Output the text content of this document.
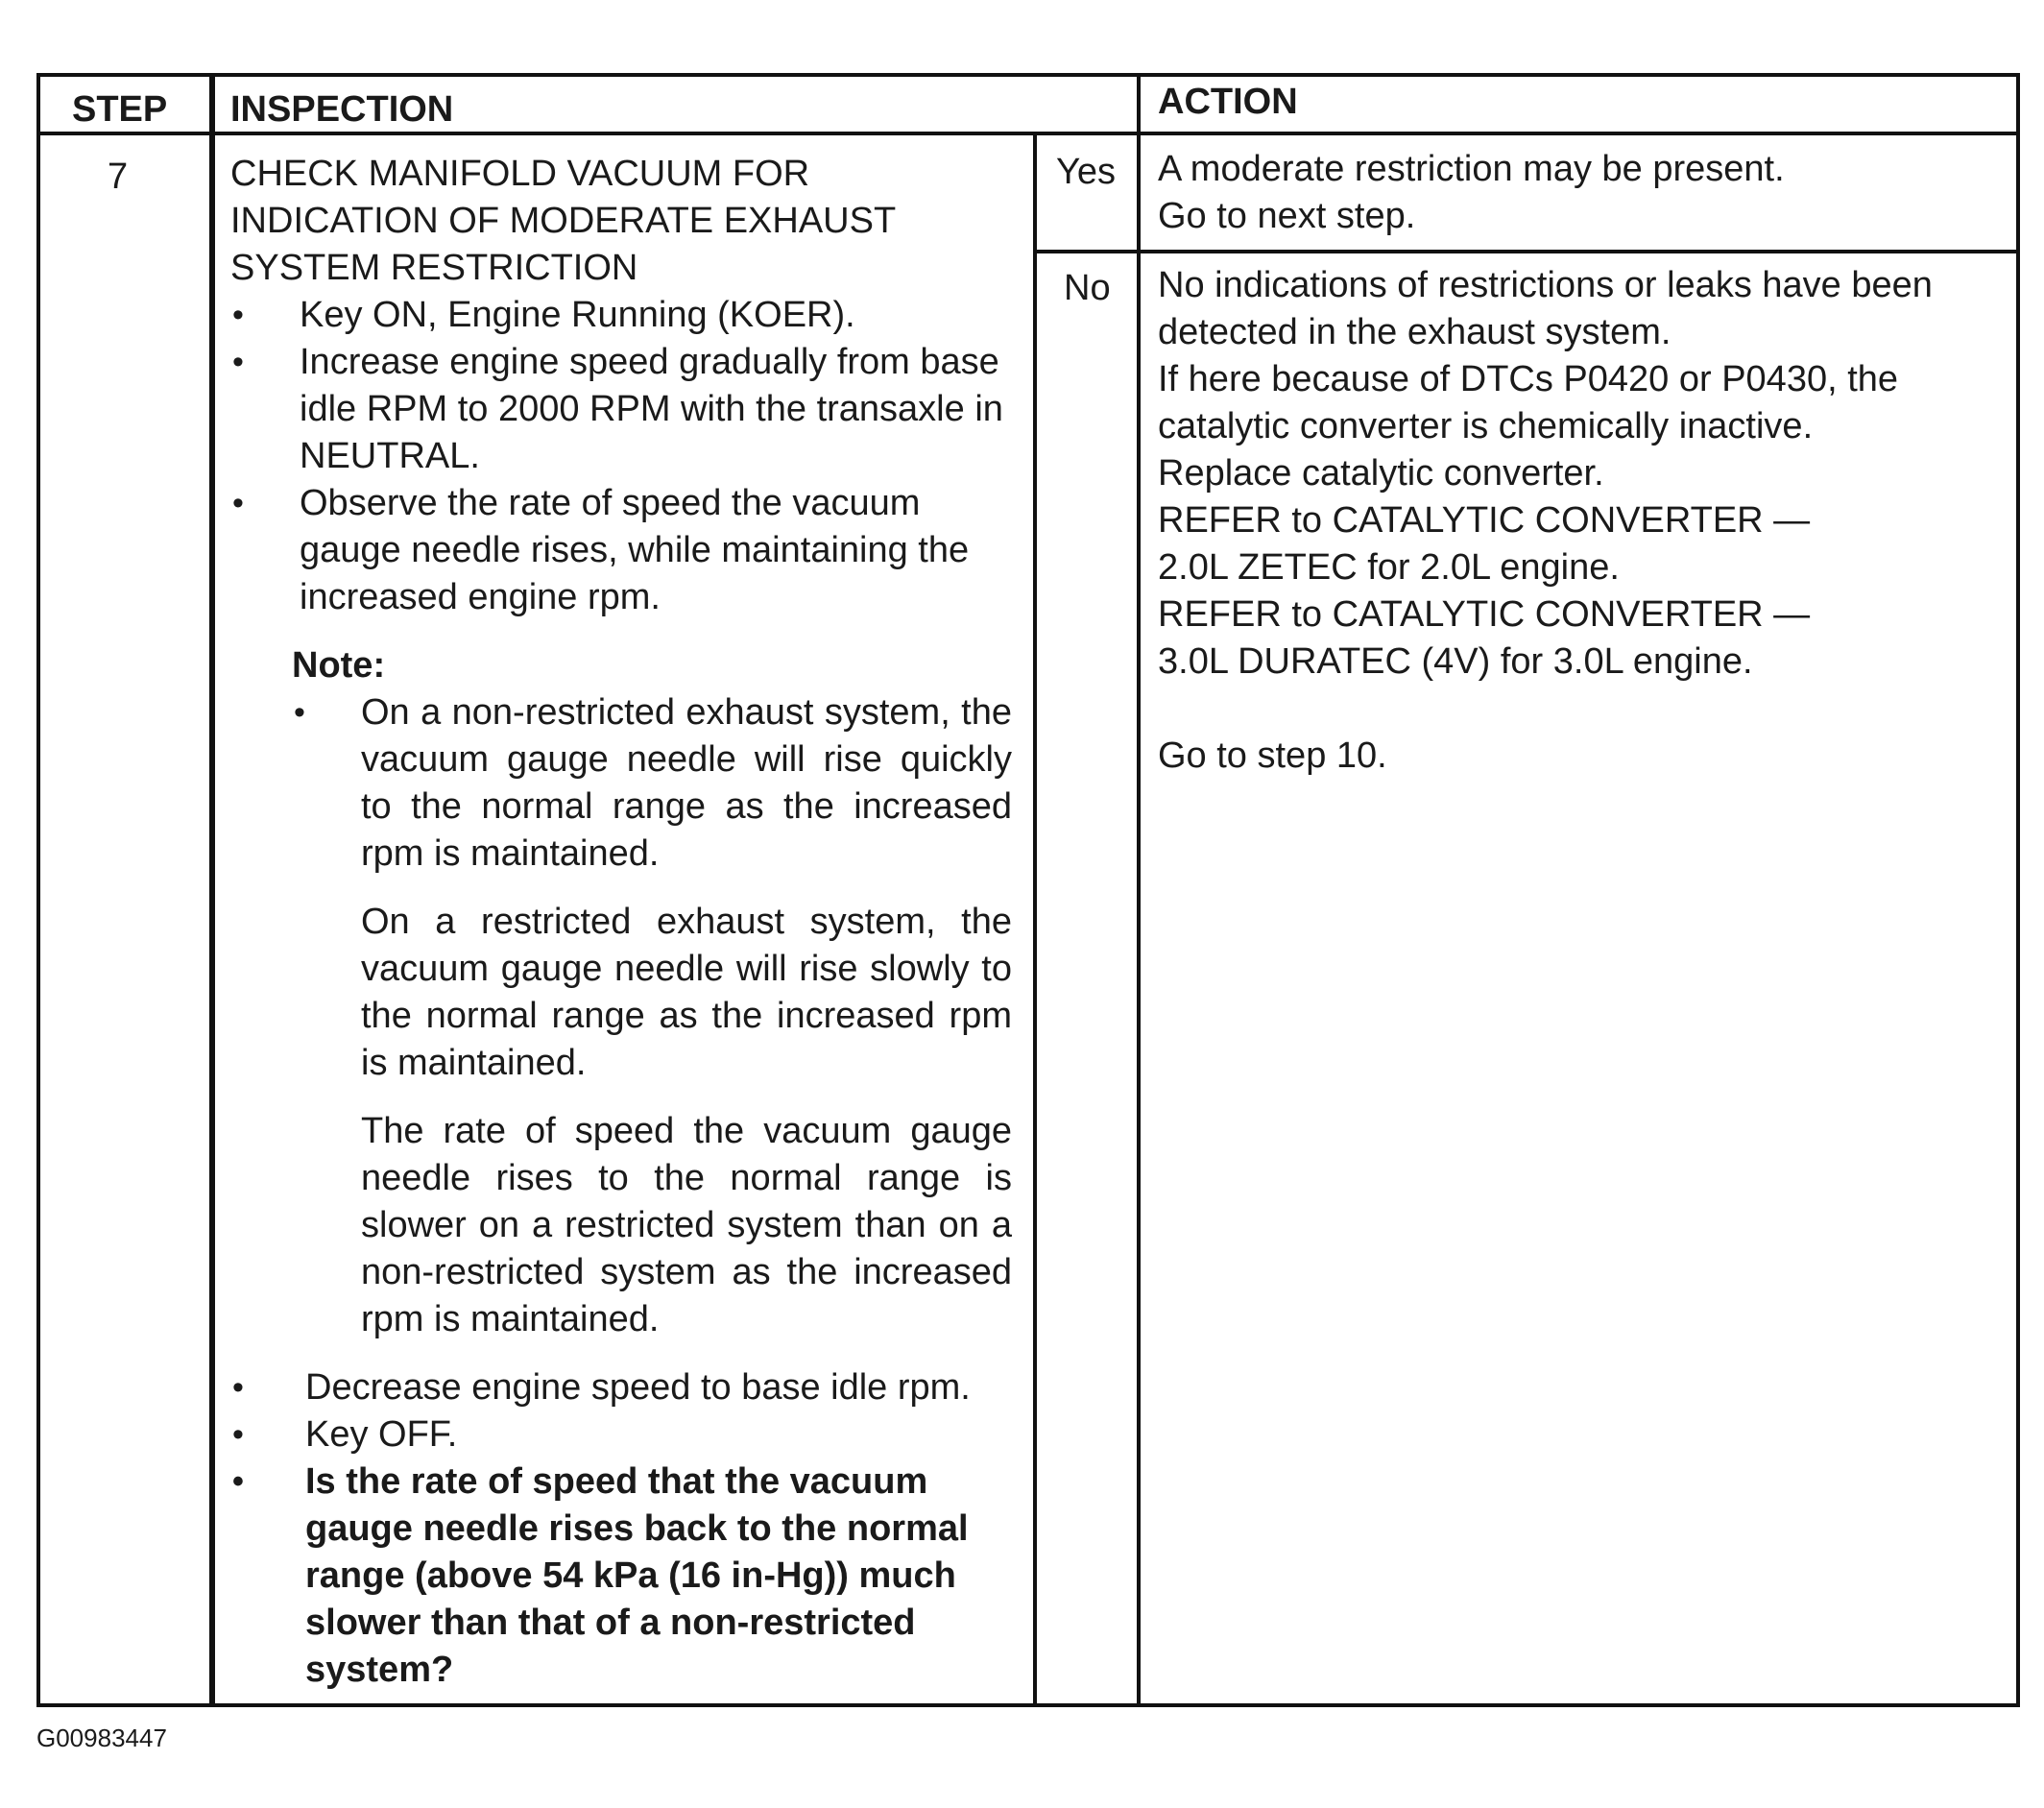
STEP INSPECTION	ACTION
7	CHECK MANIFOLD VACUUM FOR
INDICATION OF MODERATE EXHAUST
SYSTEM RESTRICTION
• Key ON, Engine Running (KOER).
• Increase engine speed gradually from base idle RPM to 2000 RPM with the transaxle in NEUTRAL.
• Observe the rate of speed the vacuum gauge needle rises, while maintaining the increased engine rpm.
Note:
• On a non-restricted exhaust system, the vacuum gauge needle will rise quickly to the normal range as the increased rpm is maintained.

On a restricted exhaust system, the vacuum gauge needle will rise slowly to the normal range as the increased rpm is maintained.

The rate of speed the vacuum gauge needle rises to the normal range is slower on a restricted system than on a non-restricted system as the increased rpm is maintained.

• Decrease engine speed to base idle rpm.
• Key OFF.
• Is the rate of speed that the vacuum gauge needle rises back to the normal range (above 54 kPa (16 in-Hg)) much slower than that of a non-restricted system?
Yes
No
A moderate restriction may be present.
Go to next step.
No indications of restrictions or leaks have been
detected in the exhaust system.
If here because of DTCs P0420 or P0430, the
catalytic converter is chemically inactive.
Replace catalytic converter.
REFER to CATALYTIC CONVERTER —
2.0L ZETEC for 2.0L engine.
REFER to CATALYTIC CONVERTER —
3.0L DURATEC (4V) for 3.0L engine.
Go to step 10.
G00983447
